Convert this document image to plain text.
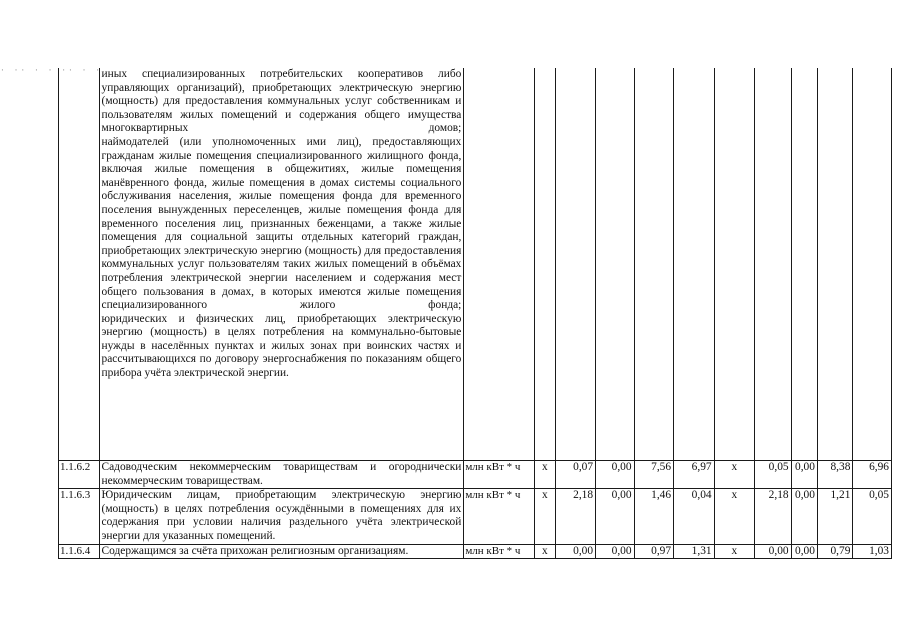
· ·· · · ·· · ·

	иных специализированных потребительских кооперативов либо управляющих организаций), приобретающих электрическую энергию (мощность) для предоставления коммунальных услуг собственникам и пользователям жилых помещений и содержания общего имущества многоквартирных домов;

наймодателей (или уполномоченных ими лиц), предоставляющих гражданам жилые помещения специализированного жилищного фонда, включая жилые помещения в общежитиях, жилые помещения манёвренного фонда, жилые помещения в домах системы социального обслуживания населения, жилые помещения фонда для временного поселения вынужденных переселенцев, жилые помещения фонда для временного поселения лиц, признанных беженцами, а также жилые помещения для социальной защиты отдельных категорий граждан, приобретающих электрическую энергию (мощность) для предоставления коммунальных услуг пользователям таких жилых помещений в объёмах потребления электрической энергии населением и содержания мест общего пользования в домах, в которых имеются жилые помещения специализированного жилого фонда;

юридических и физических лиц, приобретающих электрическую энергию (мощность) в целях потребления на коммунально-бытовые нужды в населённых пунктах и жилых зонах при воинских частях и рассчитывающихся по договору энергоснабжения по показаниям общего прибора учёта электрической энергии.											

1.1.6.2	Садоводческим некоммерческим товариществам и огороднически некоммерческим товариществам.	млн кВт * ч	x	0,07	0,00	7,56	6,97	x	0,05	0,00	8,38	6,96
1.1.6.3	Юридическим лицам, приобретающим электрическую энергию (мощность) в целях потребления осуждёнными в помещениях для их содержания при условии наличия раздельного учёта электрической энергии для указанных помещений.	млн кВт * ч	x	2,18	0,00	1,46	0,04	x	2,18	0,00	1,21	0,05
1.1.6.4	Содержащимся за счёта прихожан религиозным организациям.	млн кВт * ч	x	0,00	0,00	0,97	1,31	x	0,00	0,00	0,79	1,03
